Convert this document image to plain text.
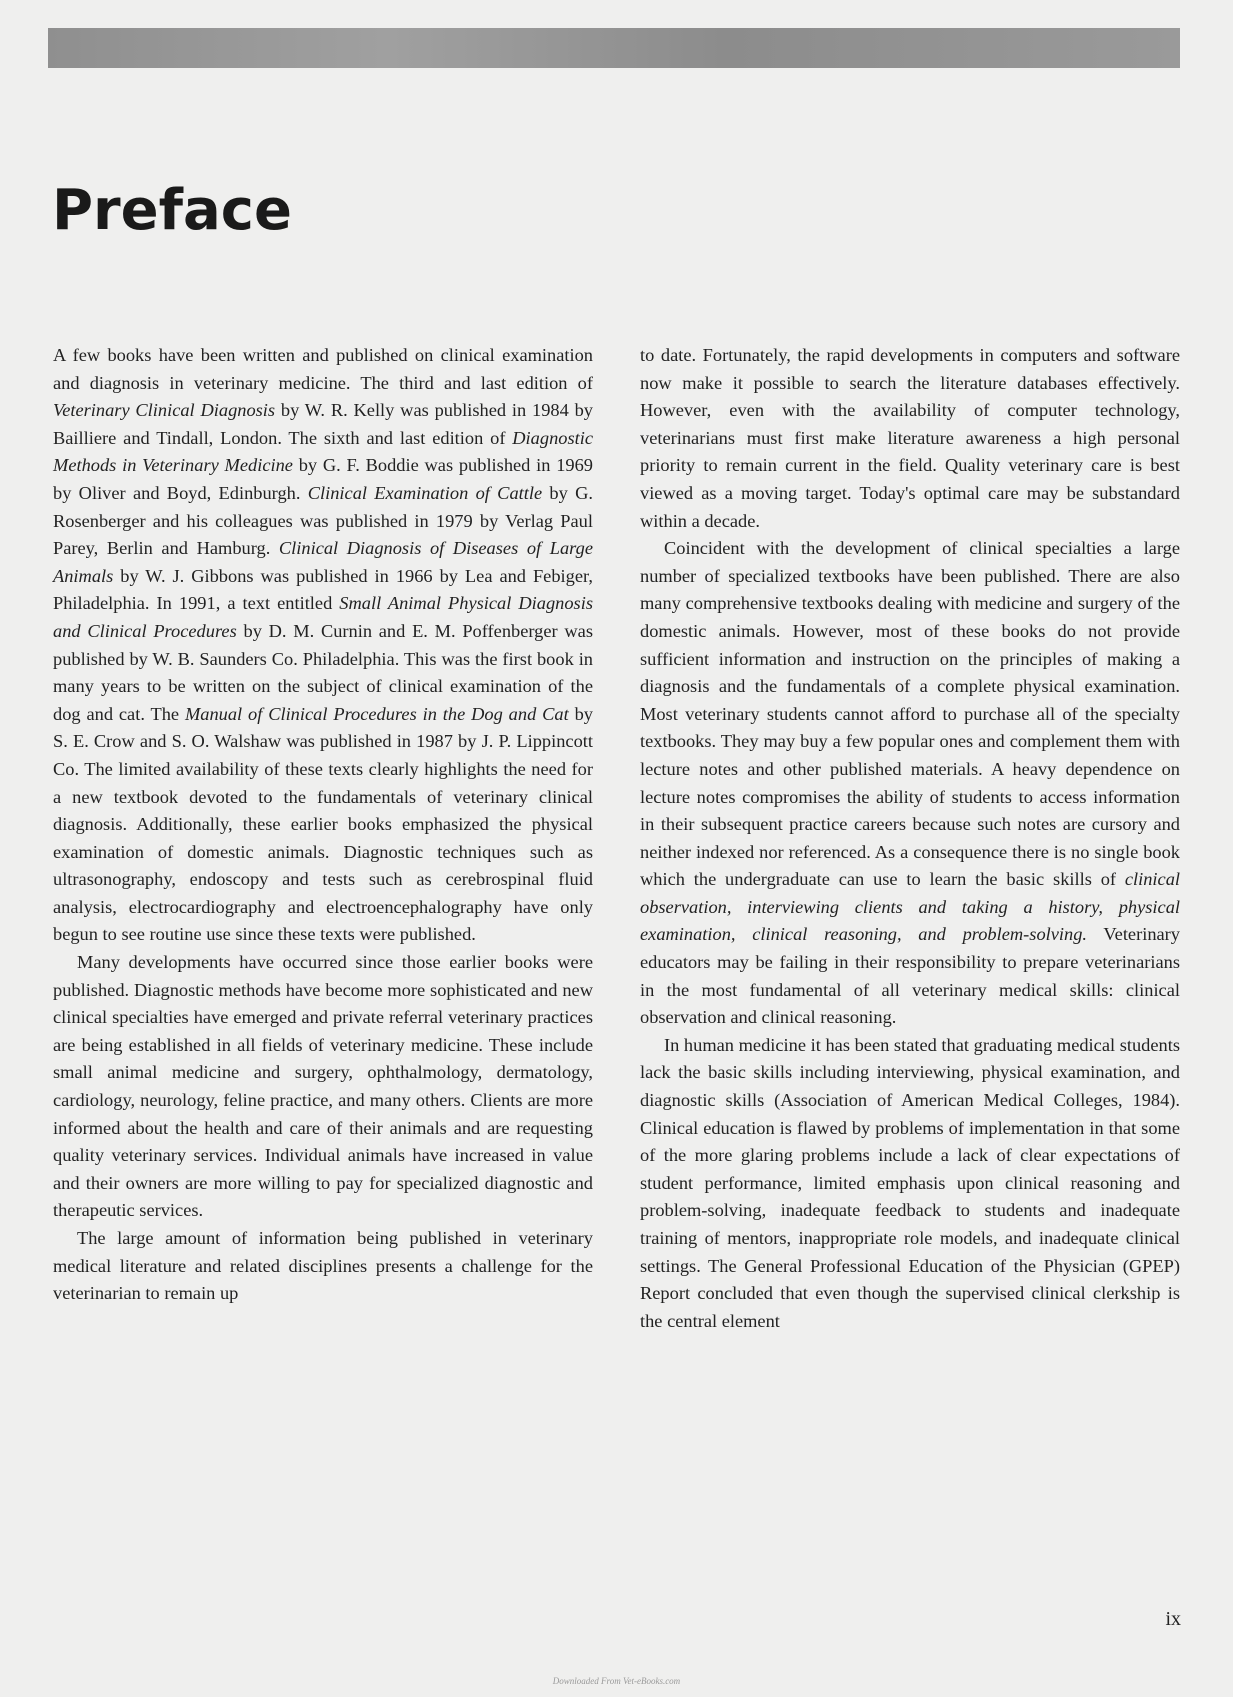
Preface

A few books have been written and published on clinical examination and diagnosis in veterinary medicine. The third and last edition of Veterinary Clinical Diagnosis by W. R. Kelly was published in 1984 by Bailliere and Tindall, London. The sixth and last edition of Diagnostic Methods in Veterinary Medicine by G. F. Boddie was published in 1969 by Oliver and Boyd, Edinburgh. Clinical Examination of Cattle by G. Rosenberger and his colleagues was published in 1979 by Verlag Paul Parey, Berlin and Hamburg. Clinical Diagnosis of Diseases of Large Animals by W. J. Gibbons was published in 1966 by Lea and Febiger, Philadelphia. In 1991, a text entitled Small Animal Physical Diagnosis and Clinical Procedures by D. M. Curnin and E. M. Poffenberger was published by W. B. Saunders Co. Philadelphia. This was the first book in many years to be written on the subject of clinical examination of the dog and cat. The Manual of Clinical Procedures in the Dog and Cat by S. E. Crow and S. O. Walshaw was published in 1987 by J. P. Lippincott Co. The limited availability of these texts clearly highlights the need for a new textbook devoted to the fundamentals of veterinary clinical diagnosis. Additionally, these earlier books emphasized the physical examination of domestic animals. Diagnostic techniques such as ultrasonography, endoscopy and tests such as cerebrospinal fluid analysis, electrocardiography and electroencephalography have only begun to see routine use since these texts were published.

Many developments have occurred since those earlier books were published. Diagnostic methods have become more sophisticated and new clinical specialties have emerged and private referral veterinary practices are being established in all fields of veterinary medicine. These include small animal medicine and surgery, ophthalmology, dermatology, cardiology, neurology, feline practice, and many others. Clients are more informed about the health and care of their animals and are requesting quality veterinary services. Individual animals have increased in value and their owners are more willing to pay for specialized diagnostic and therapeutic services.

The large amount of information being published in veterinary medical literature and related disciplines presents a challenge for the veterinarian to remain up

to date. Fortunately, the rapid developments in computers and software now make it possible to search the literature databases effectively. However, even with the availability of computer technology, veterinarians must first make literature awareness a high personal priority to remain current in the field. Quality veterinary care is best viewed as a moving target. Today's optimal care may be substandard within a decade.

Coincident with the development of clinical specialties a large number of specialized textbooks have been published. There are also many comprehensive textbooks dealing with medicine and surgery of the domestic animals. However, most of these books do not provide sufficient information and instruction on the principles of making a diagnosis and the fundamentals of a complete physical examination. Most veterinary students cannot afford to purchase all of the specialty textbooks. They may buy a few popular ones and complement them with lecture notes and other published materials. A heavy dependence on lecture notes compromises the ability of students to access information in their subsequent practice careers because such notes are cursory and neither indexed nor referenced. As a consequence there is no single book which the undergraduate can use to learn the basic skills of clinical observation, interviewing clients and taking a history, physical examination, clinical reasoning, and problem-solving. Veterinary educators may be failing in their responsibility to prepare veterinarians in the most fundamental of all veterinary medical skills: clinical observation and clinical reasoning.

In human medicine it has been stated that graduating medical students lack the basic skills including interviewing, physical examination, and diagnostic skills (Association of American Medical Colleges, 1984). Clinical education is flawed by problems of implementation in that some of the more glaring problems include a lack of clear expectations of student performance, limited emphasis upon clinical reasoning and problem-solving, inadequate feedback to students and inadequate training of mentors, inappropriate role models, and inadequate clinical settings. The General Professional Education of the Physician (GPEP) Report concluded that even though the supervised clinical clerkship is the central element

ix
Downloaded From Vet-eBooks.com
